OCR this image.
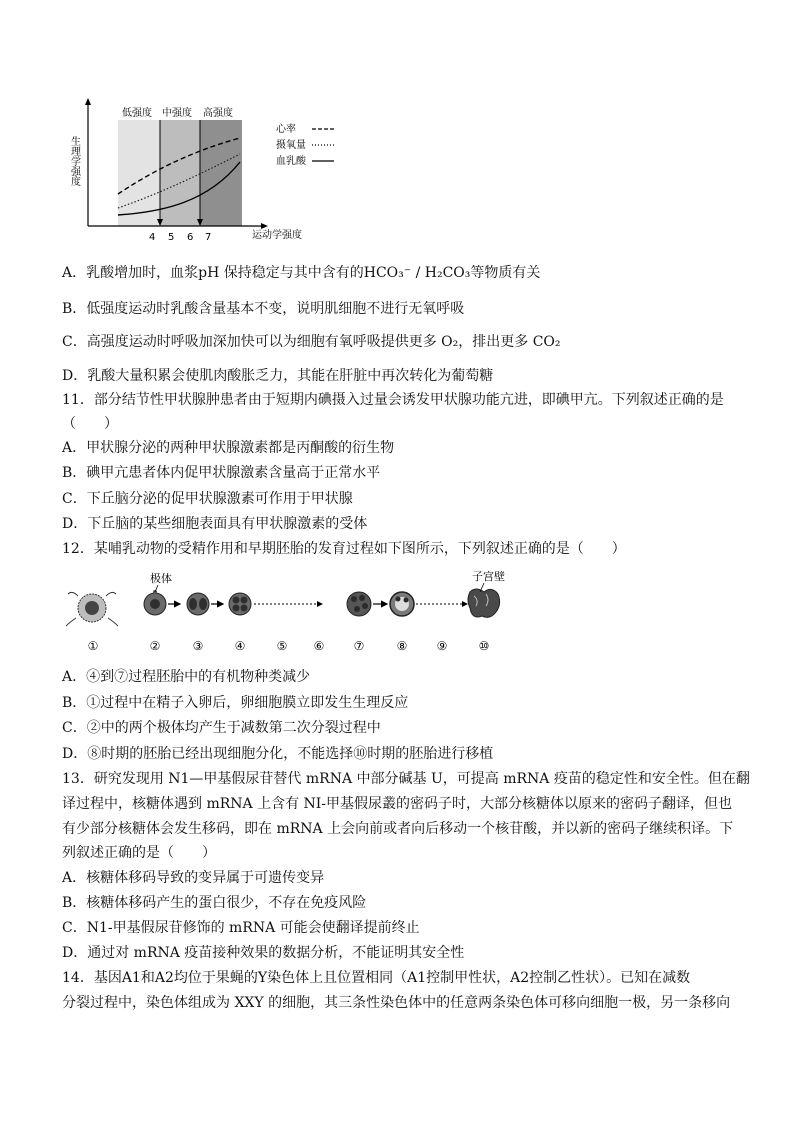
低强度 中强度 高强度
生理学强度
4 5 6 7	运动学强度
心率
摄氧量
血乳酸
A．乳酸增加时，血浆pH 保持稳定与其中含有的HCO₃⁻ / H₂CO₃等物质有关
B．低强度运动时乳酸含量基本不变，说明肌细胞不进行无氧呼吸
C．高强度运动时呼吸加深加快可以为细胞有氧呼吸提供更多 O₂，排出更多 CO₂
D．乳酸大量积累会使肌肉酸胀乏力，其能在肝脏中再次转化为葡萄糖
11．部分结节性甲状腺肿患者由于短期内碘摄入过量会诱发甲状腺功能亢进，即碘甲亢。下列叙述正确的是
（　　）
A．甲状腺分泌的两种甲状腺激素都是丙酮酸的衍生物
B．碘甲亢患者体内促甲状腺激素含量高于正常水平
C．下丘脑分泌的促甲状腺激素可作用于甲状腺
D．下丘脑的某些细胞表面具有甲状腺激素的受体
12．某哺乳动物的受精作用和早期胚胎的发育过程如下图所示，下列叙述正确的是（　　）
极体	子宫壁
①	②	③	④	⑤ ⑥ ⑦	⑧ ⑨	⑩
A．④到⑦过程胚胎中的有机物种类减少
B．①过程中在精子入卵后，卵细胞膜立即发生生理反应
C．②中的两个极体均产生于减数第二次分裂过程中
D．⑧时期的胚胎已经出现细胞分化，不能选择⑩时期的胚胎进行移植
13．研究发现用 N1—甲基假尿苷替代 mRNA 中部分碱基 U，可提高 mRNA 疫苗的稳定性和安全性。但在翻
译过程中，核糖体遇到 mRNA 上含有 NI-甲基假尿叢的密码子时，大部分核糖体以原来的密码子翻译，但也
有少部分核糖体会发生移码，即在 mRNA 上会向前或者向后移动一个核苷酸，并以新的密码子继续积译。下
列叙述正确的是（　　）
A．核糖体移码导致的变异属于可遗传变异
B．核糖体移码产生的蛋白很少，不存在免疫风险
C．N1-甲基假尿苷修饰的 mRNA 可能会使翻译提前终止
D．通过对 mRNA 疫苗接种效果的数据分析，不能证明其安全性
14．基因A1和A2均位于果蝇的Y染色体上且位置相同（A1控制甲性状，A2控制乙性状）。已知在减数
分裂过程中，染色体组成为 XXY 的细胞，其三条性染色体中的任意两条染色体可移向细胞一极，另一条移向
